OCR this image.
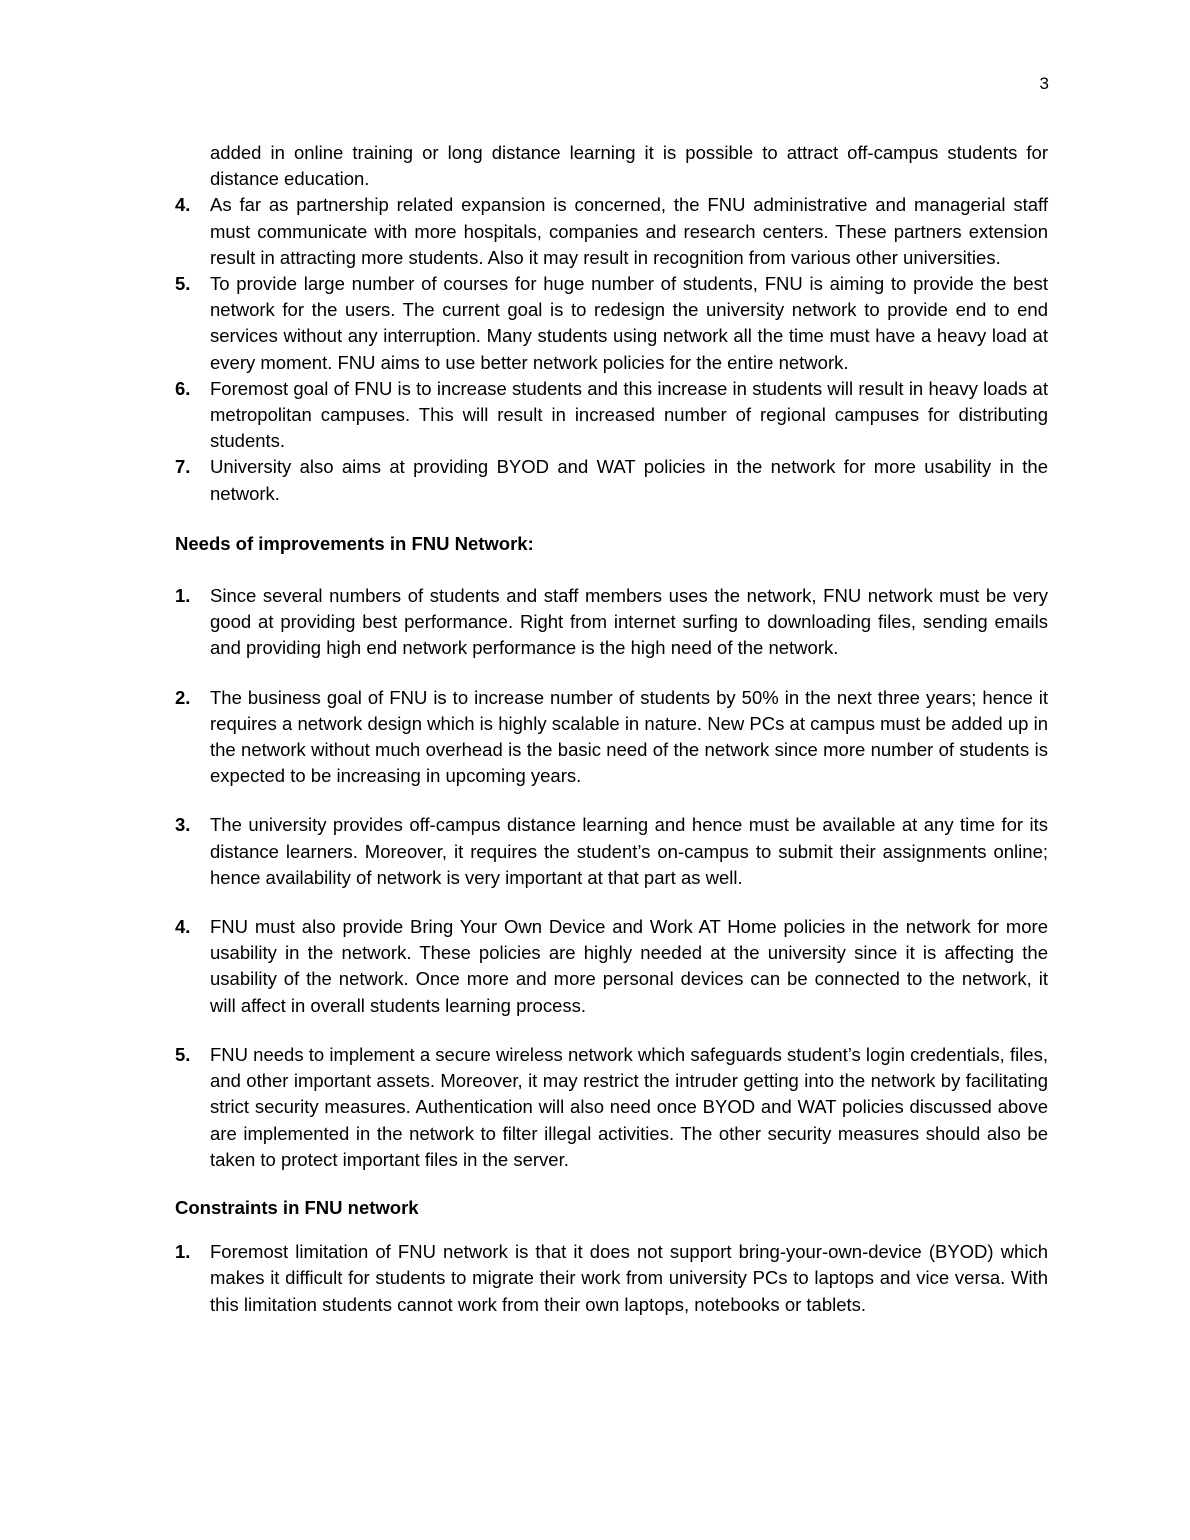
3

added in online training or long distance learning it is possible to attract off-campus students for distance education.

4. As far as partnership related expansion is concerned, the FNU administrative and managerial staff must communicate with more hospitals, companies and research centers. These partners extension result in attracting more students. Also it may result in recognition from various other universities.

5. To provide large number of courses for huge number of students, FNU is aiming to provide the best network for the users. The current goal is to redesign the university network to provide end to end services without any interruption. Many students using network all the time must have a heavy load at every moment. FNU aims to use better network policies for the entire network.

6. Foremost goal of FNU is to increase students and this increase in students will result in heavy loads at metropolitan campuses. This will result in increased number of regional campuses for distributing students.

7. University also aims at providing BYOD and WAT policies in the network for more usability in the network.

Needs of improvements in FNU Network:

1. Since several numbers of students and staff members uses the network, FNU network must be very good at providing best performance. Right from internet surfing to downloading files, sending emails and providing high end network performance is the high need of the network.

2. The business goal of FNU is to increase number of students by 50% in the next three years; hence it requires a network design which is highly scalable in nature. New PCs at campus must be added up in the network without much overhead is the basic need of the network since more number of students is expected to be increasing in upcoming years.

3. The university provides off-campus distance learning and hence must be available at any time for its distance learners. Moreover, it requires the student’s on-campus to submit their assignments online; hence availability of network is very important at that part as well.

4. FNU must also provide Bring Your Own Device and Work AT Home policies in the network for more usability in the network. These policies are highly needed at the university since it is affecting the usability of the network. Once more and more personal devices can be connected to the network, it will affect in overall students learning process.

5. FNU needs to implement a secure wireless network which safeguards student’s login credentials, files, and other important assets. Moreover, it may restrict the intruder getting into the network by facilitating strict security measures. Authentication will also need once BYOD and WAT policies discussed above are implemented in the network to filter illegal activities. The other security measures should also be taken to protect important files in the server.

Constraints in FNU network

1. Foremost limitation of FNU network is that it does not support bring-your-own-device (BYOD) which makes it difficult for students to migrate their work from university PCs to laptops and vice versa. With this limitation students cannot work from their own laptops, notebooks or tablets.
